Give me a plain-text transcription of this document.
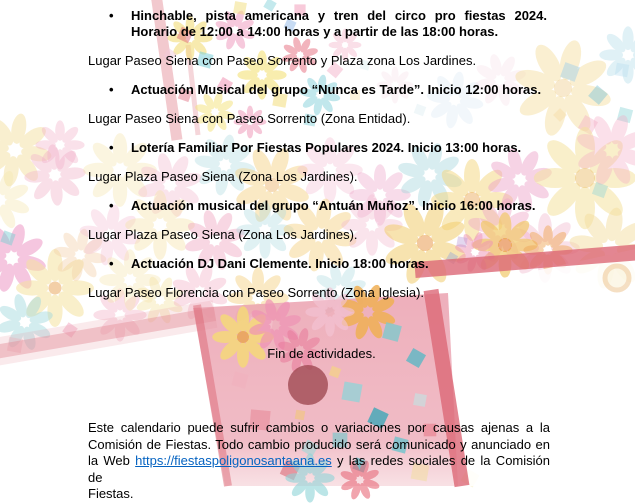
•	Hinchable, pista americana y tren del circo pro fiestas 2024. Horario de 12:00 a 14:00 horas y a partir de las 18:00 horas.
Lugar Paseo Siena con Paseo Sorrento y Plaza zona Los Jardines.
•	Actuación Musical del grupo “Nunca es Tarde”. Inicio 12:00 horas.
Lugar Paseo Siena con Paseo Sorrento (Zona Entidad).
•	Lotería Familiar Por Fiestas Populares 2024. Inicio 13:00 horas.
Lugar Plaza Paseo Siena (Zona Los Jardines).
•	Actuación musical del grupo “Antuán Muñoz”. Inicio 16:00 horas.
Lugar Plaza Paseo Siena (Zona Los Jardines).
•	Actuación DJ Dani Clemente. Inicio 18:00 horas.
Lugar Paseo Florencia con Paseo Sorrento (Zona Iglesia).
Fin de actividades.
Este calendario puede sufrir cambios o variaciones por causas ajenas a la
Comisión de Fiestas. Todo cambio producido será comunicado y anunciado en
la Web https://fiestaspoligonosantaana.es y las redes sociales de la Comisión de
Fiestas.
